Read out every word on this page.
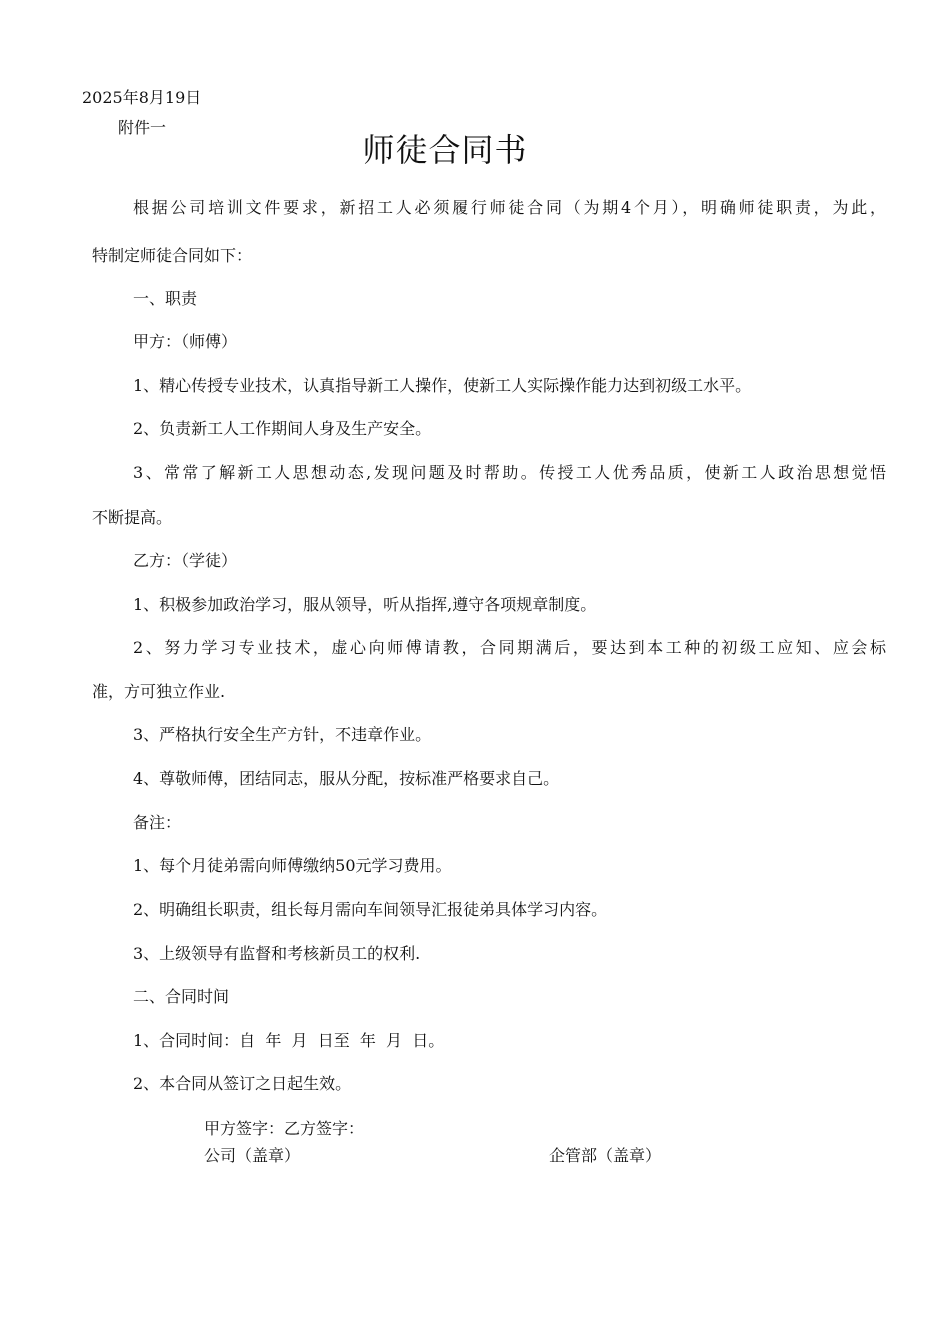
2025年8月19日
附件一
师徒合同书
根据公司培训文件要求，新招工人必须履行师徒合同（为期4个月），明确师徒职责，为此，
特制定师徒合同如下：
一、职责
甲方：（师傅）
1、精心传授专业技术，认真指导新工人操作，使新工人实际操作能力达到初级工水平。
2、负责新工人工作期间人身及生产安全。
3、常常了解新工人思想动态,发现问题及时帮助。传授工人优秀品质，使新工人政治思想觉悟
不断提高。
乙方：（学徒）
1、积极参加政治学习，服从领导，听从指挥,遵守各项规章制度。
2、努力学习专业技术，虚心向师傅请教，合同期满后，要达到本工种的初级工应知、应会标
准，方可独立作业.
3、严格执行安全生产方针，不违章作业。
4、尊敬师傅，团结同志，服从分配，按标准严格要求自己。
备注：
1、每个月徒弟需向师傅缴纳50元学习费用。
2、明确组长职责，组长每月需向车间领导汇报徒弟具体学习内容。
3、上级领导有监督和考核新员工的权利.
二、合同时间
1、合同时间：自  年  月  日至  年  月  日。
2、本合同从签订之日起生效。
甲方签字：乙方签字：
公司（盖章）	企管部（盖章）
